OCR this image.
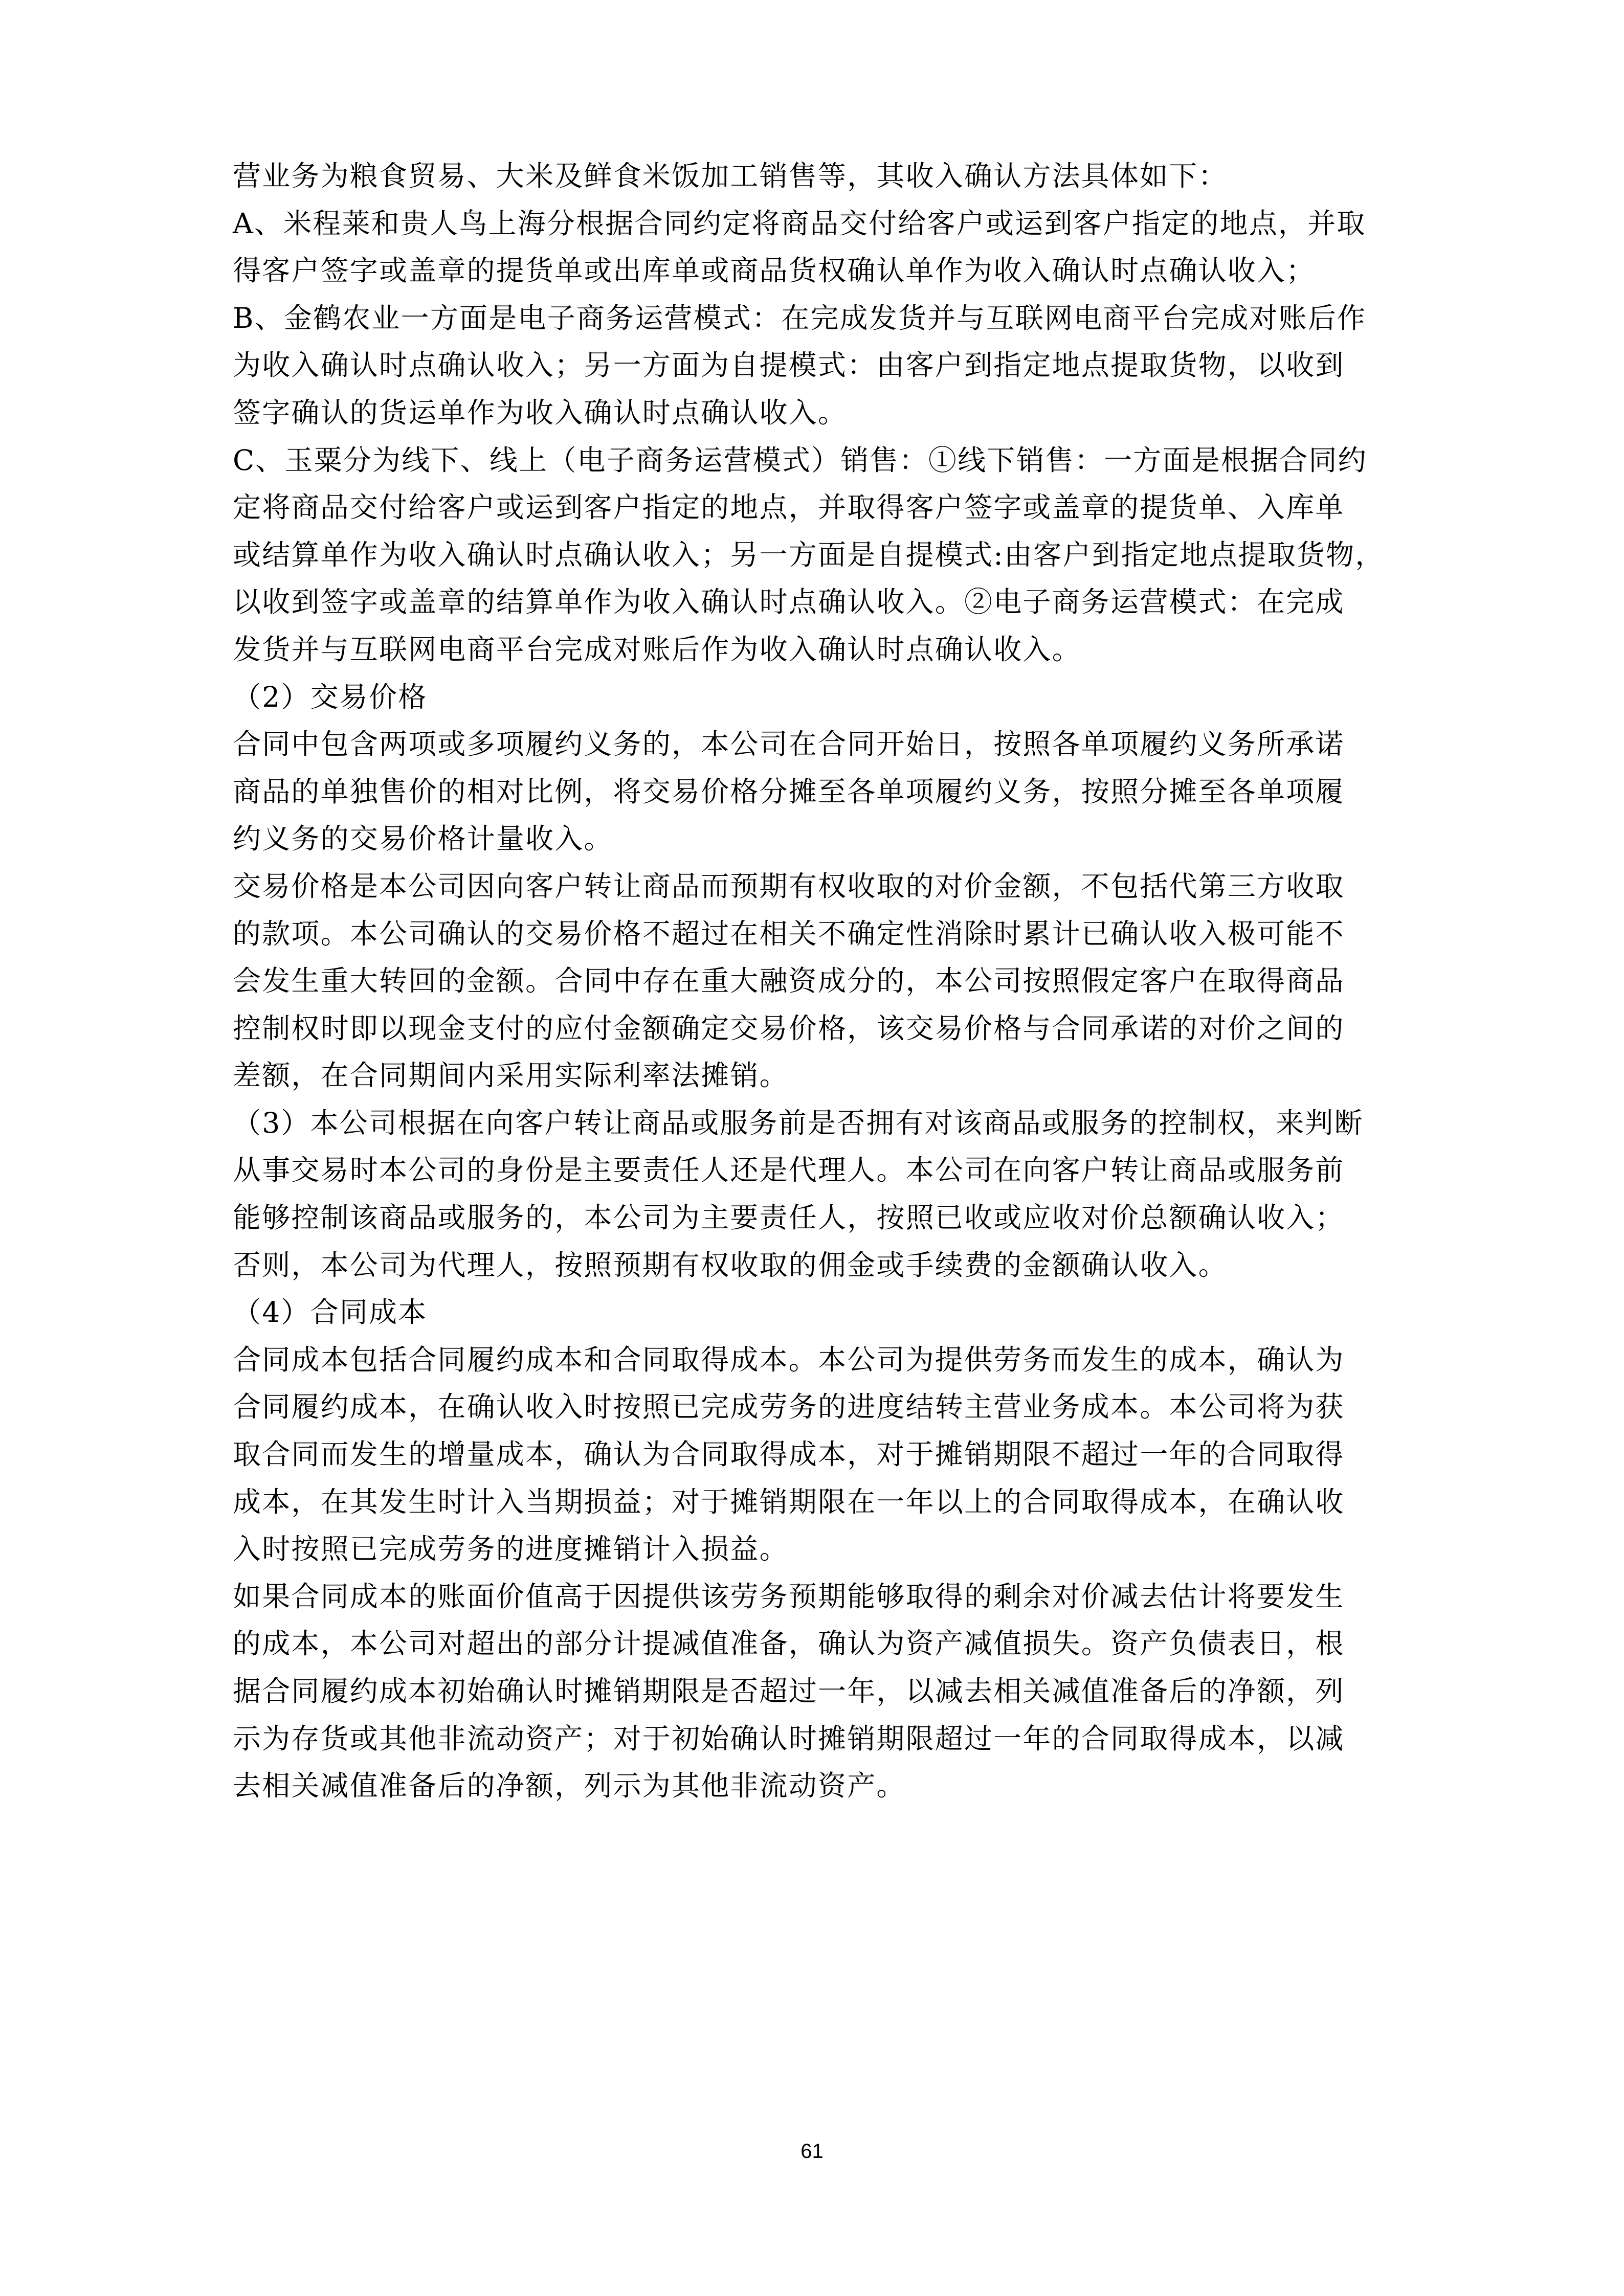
营业务为粮食贸易、大米及鲜食米饭加工销售等，其收入确认方法具体如下：
A、米程莱和贵人鸟上海分根据合同约定将商品交付给客户或运到客户指定的地点，并取
得客户签字或盖章的提货单或出库单或商品货权确认单作为收入确认时点确认收入；
B、金鹤农业一方面是电子商务运营模式：在完成发货并与互联网电商平台完成对账后作
为收入确认时点确认收入；另一方面为自提模式：由客户到指定地点提取货物，以收到
签字确认的货运单作为收入确认时点确认收入。
C、玉粟分为线下、线上（电子商务运营模式）销售：①线下销售：一方面是根据合同约
定将商品交付给客户或运到客户指定的地点，并取得客户签字或盖章的提货单、入库单
或结算单作为收入确认时点确认收入；另一方面是自提模式:由客户到指定地点提取货物，
以收到签字或盖章的结算单作为收入确认时点确认收入。②电子商务运营模式：在完成
发货并与互联网电商平台完成对账后作为收入确认时点确认收入。
（2）交易价格
合同中包含两项或多项履约义务的，本公司在合同开始日，按照各单项履约义务所承诺
商品的单独售价的相对比例，将交易价格分摊至各单项履约义务，按照分摊至各单项履
约义务的交易价格计量收入。
交易价格是本公司因向客户转让商品而预期有权收取的对价金额，不包括代第三方收取
的款项。本公司确认的交易价格不超过在相关不确定性消除时累计已确认收入极可能不
会发生重大转回的金额。合同中存在重大融资成分的，本公司按照假定客户在取得商品
控制权时即以现金支付的应付金额确定交易价格，该交易价格与合同承诺的对价之间的
差额，在合同期间内采用实际利率法摊销。
（3）本公司根据在向客户转让商品或服务前是否拥有对该商品或服务的控制权，来判断
从事交易时本公司的身份是主要责任人还是代理人。本公司在向客户转让商品或服务前
能够控制该商品或服务的，本公司为主要责任人，按照已收或应收对价总额确认收入；
否则，本公司为代理人，按照预期有权收取的佣金或手续费的金额确认收入。
（4）合同成本
合同成本包括合同履约成本和合同取得成本。本公司为提供劳务而发生的成本，确认为
合同履约成本，在确认收入时按照已完成劳务的进度结转主营业务成本。本公司将为获
取合同而发生的增量成本，确认为合同取得成本，对于摊销期限不超过一年的合同取得
成本，在其发生时计入当期损益；对于摊销期限在一年以上的合同取得成本，在确认收
入时按照已完成劳务的进度摊销计入损益。
如果合同成本的账面价值高于因提供该劳务预期能够取得的剩余对价减去估计将要发生
的成本，本公司对超出的部分计提减值准备，确认为资产减值损失。资产负债表日，根
据合同履约成本初始确认时摊销期限是否超过一年，以减去相关减值准备后的净额，列
示为存货或其他非流动资产；对于初始确认时摊销期限超过一年的合同取得成本，以减
去相关减值准备后的净额，列示为其他非流动资产。
61
